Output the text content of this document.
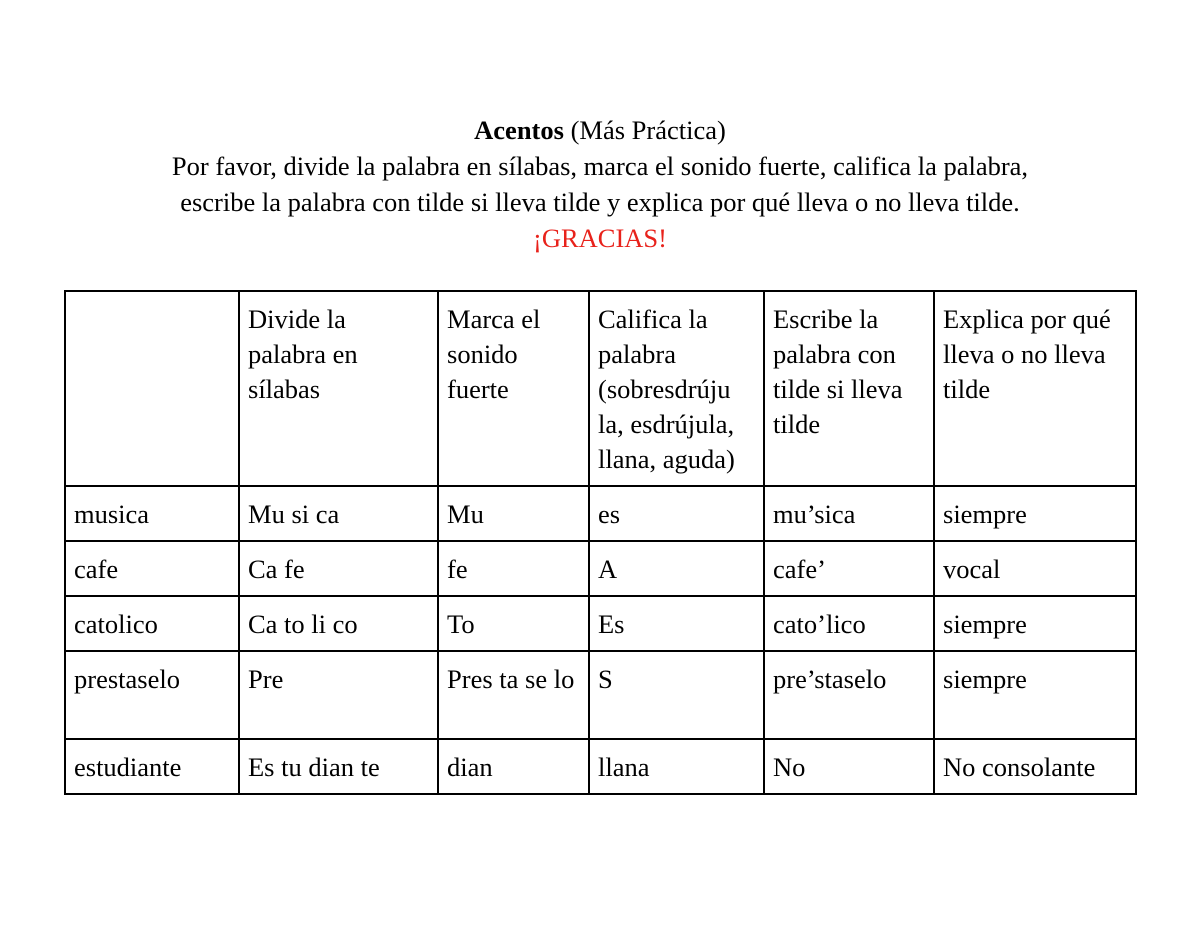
Acentos (Más Práctica)
Por favor, divide la palabra en sílabas, marca el sonido fuerte, califica la palabra,
escribe la palabra con tilde si lleva tilde y explica por qué lleva o no lleva tilde.
¡GRACIAS!
	Divide la palabra en sílabas	Marca el sonido fuerte	Califica la palabra (sobresdrúju la, esdrújula, llana, aguda)	Escribe la palabra con tilde si lleva tilde	Explica por qué lleva o no lleva tilde
musica	Mu si ca	Mu	es	mu’sica	siempre
cafe	Ca fe	fe	A	cafe’	vocal
catolico	Ca to li co	To	Es	cato’lico	siempre
prestaselo	Pre	Pres ta se lo	S	pre’staselo	siempre
estudiante	Es tu dian te	dian	llana	No	No consolante
